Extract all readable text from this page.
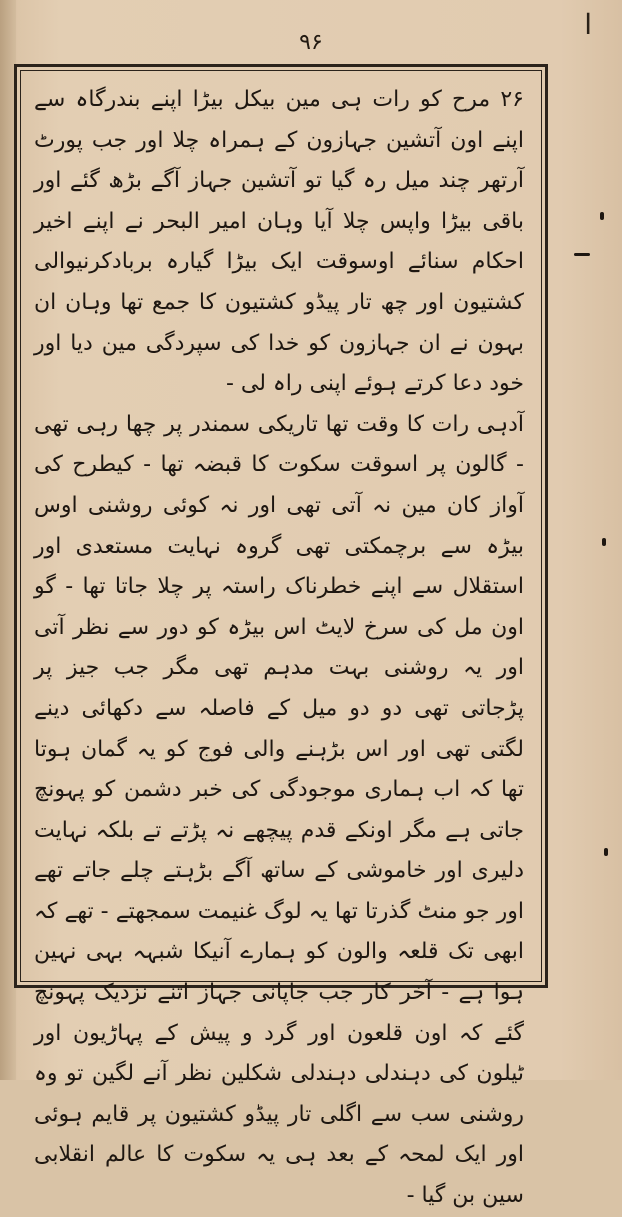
ا
۹۶
۲۶ مرح کو رات ہی مین بیکل بیڑا اپنے بندرگاہ سے اپنے اون آتشین جہازون کے ہمراہ چلا اور جب پورٹ آرتھر چند میل رہ گیا تو آتشین جہاز آگے بڑھ گئے اور باقی بیڑا واپس چلا آیا وہان امیر البحر نے اپنے اخیر احکام سنائے اوسوقت ایک بیڑا گیارہ بربادکرنیوالی کشتیون اور چھ تار پیڈو کشتیون کا جمع تھا وہان ان بہون نے ان جہازون کو خدا کی سپردگی مین دیا اور خود دعا کرتے ہوئے اپنی راہ لی -
آدہی رات کا وقت تھا تاریکی سمندر پر چھا رہی تھی - گالون پر اسوقت سکوت کا قبضہ تھا - کیطرح کی آواز کان مین نہ آتی تھی اور نہ کوئی روشنی اوس بیڑہ سے برچمکتی تھی گروہ نہایت مستعدی اور استقلال سے اپنے خطرناک راستہ پر چلا جاتا تھا - گو اون مل کی سرخ لایٹ اس بیڑہ کو دور سے نظر آتی اور یہ روشنی بہت مدہم تھی مگر جب جیز پر پڑجاتی تھی دو دو میل کے فاصلہ سے دکھائی دینے لگتی تھی اور اس بڑہنے والی فوج کو یہ گمان ہوتا تھا کہ اب ہماری موجودگی کی خبر دشمن کو پہونچ جاتی ہے مگر اونکے قدم پیچھے نہ پڑتے تے بلکہ نہایت دلیری اور خاموشی کے ساتھ آگے بڑہتے چلے جاتے تھے اور جو منٹ گذرتا تھا یہ لوگ غنیمت سمجھتے - تھے کہ ابھی تک قلعہ والون کو ہمارے آنیکا شبہہ بہی نہین ہوا ہے - آخر کار جب جاپانی جہاز اتنے نزدیک پہونچ گئے کہ اون قلعون اور گرد و پیش کے پہاڑیون اور ٹیلون کی دہندلی دہندلی شکلین نظر آنے لگین تو وہ روشنی سب سے اگلی تار پیڈو کشتیون پر قایم ہوئی اور ایک لمحہ کے بعد ہی یہ سکوت کا عالم انقلابی سین بن گیا -
